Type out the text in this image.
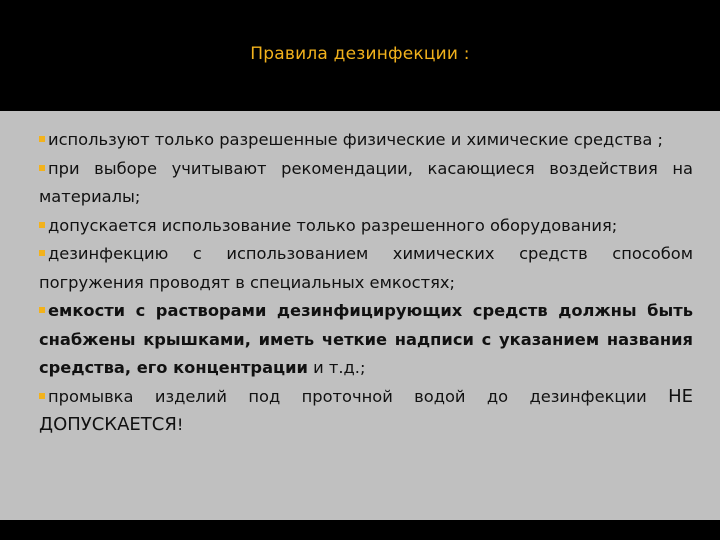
Правила дезинфекции :
используют только разрешенные физические и химические средства ;
при выборе учитывают рекомендации, касающиеся воздействия на материалы;
допускается использование только разрешенного оборудования;
дезинфекцию с использованием химических средств способом погружения проводят в специальных емкостях;
емкости с растворами дезинфицирующих средств должны быть снабжены крышками, иметь четкие надписи с указанием названия средства, его концентрации и т.д.;
промывка изделий под проточной водой до дезинфекции НЕ ДОПУСКАЕТСЯ!
